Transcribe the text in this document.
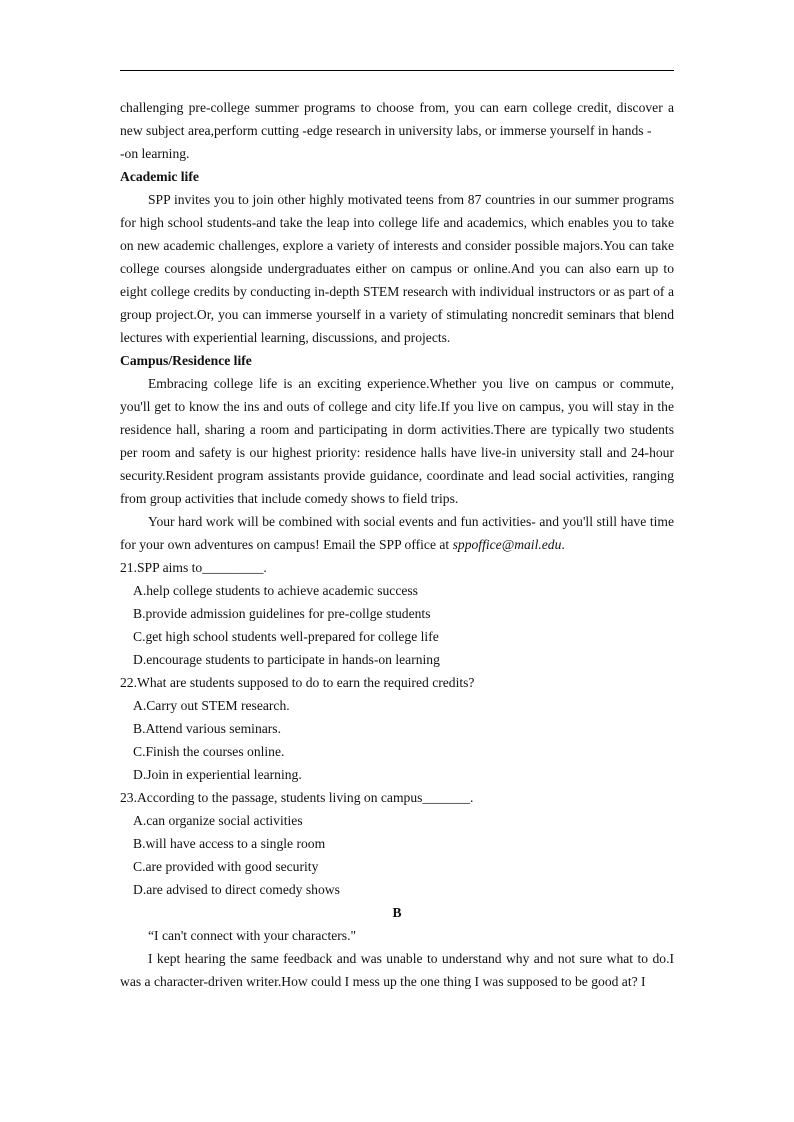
challenging pre-college summer programs to choose from, you can earn college credit, discover a new subject area,perform cutting -edge research in university labs, or immerse yourself in hands -
-on learning.

Academic life

SPP invites you to join other highly motivated teens from 87 countries in our summer programs for high school students-and take the leap into college life and academics, which enables you to take on new academic challenges, explore a variety of interests and consider possible majors.You can take college courses alongside undergraduates either on campus or online.And you can also earn up to eight college credits by conducting in-depth STEM research with individual instructors or as part of a group project.Or, you can immerse yourself in a variety of stimulating noncredit seminars that blend lectures with experiential learning, discussions, and projects.

Campus/Residence life

Embracing college life is an exciting experience.Whether you live on campus or commute, you'll get to know the ins and outs of college and city life.If you live on campus, you will stay in the residence hall, sharing a room and participating in dorm activities.There are typically two students per room and safety is our highest priority: residence halls have live-in university stall and 24-hour security.Resident program assistants provide guidance, coordinate and lead social activities, ranging from group activities that include comedy shows to field trips.

Your hard work will be combined with social events and fun activities- and you'll still have time for your own adventures on campus! Email the SPP office at sppoffice@mail.edu.

21.SPP aims to_________.

A.help college students to achieve academic success

B.provide admission guidelines for pre-collge students

C.get high school students well-prepared for college life

D.encourage students to participate in hands-on learning

22.What are students supposed to do to earn the required credits?

A.Carry out STEM research.

B.Attend various seminars.

C.Finish the courses online.

D.Join in experiential learning.

23.According to the passage, students living on campus_______.

A.can organize social activities

B.will have access to a single room

C.are provided with good security

D.are advised to direct comedy shows

B

“I can't connect with your characters."

I kept hearing the same feedback and was unable to understand why and not sure what to do.I was a character-driven writer.How could I mess up the one thing I was supposed to be good at? I
